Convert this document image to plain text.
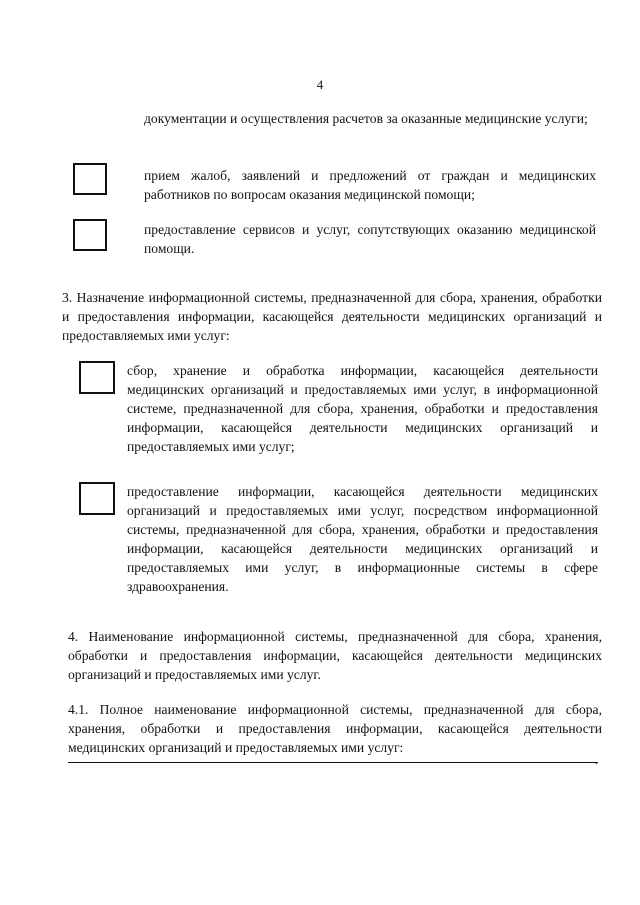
4
документации и осуществления расчетов за оказанные медицинские услуги;
прием жалоб, заявлений и предложений от граждан и медицинских работников по вопросам оказания медицинской помощи;
предоставление сервисов и услуг, сопутствующих оказанию медицинской помощи.
3. Назначение информационной системы, предназначенной для сбора, хранения, обработки и предоставления информации, касающейся деятельности медицинских организаций и предоставляемых ими услуг:
сбор, хранение и обработка информации, касающейся деятельности медицинских организаций и предоставляемых ими услуг, в информационной системе, предназначенной для сбора, хранения, обработки и предоставления информации, касающейся деятельности медицинских организаций и предоставляемых ими услуг;
предоставление информации, касающейся деятельности медицинских организаций и предоставляемых ими услуг, посредством информационной системы, предназначенной для сбора, хранения, обработки и предоставления информации, касающейся деятельности медицинских организаций и предоставляемых ими услуг, в информационные системы в сфере здравоохранения.
4. Наименование информационной системы, предназначенной для сбора, хранения, обработки и предоставления информации, касающейся деятельности медицинских организаций и предоставляемых ими услуг.
4.1. Полное наименование информационной системы, предназначенной для сбора, хранения, обработки и предоставления информации, касающейся деятельности медицинских организаций и предоставляемых ими услуг:
.
